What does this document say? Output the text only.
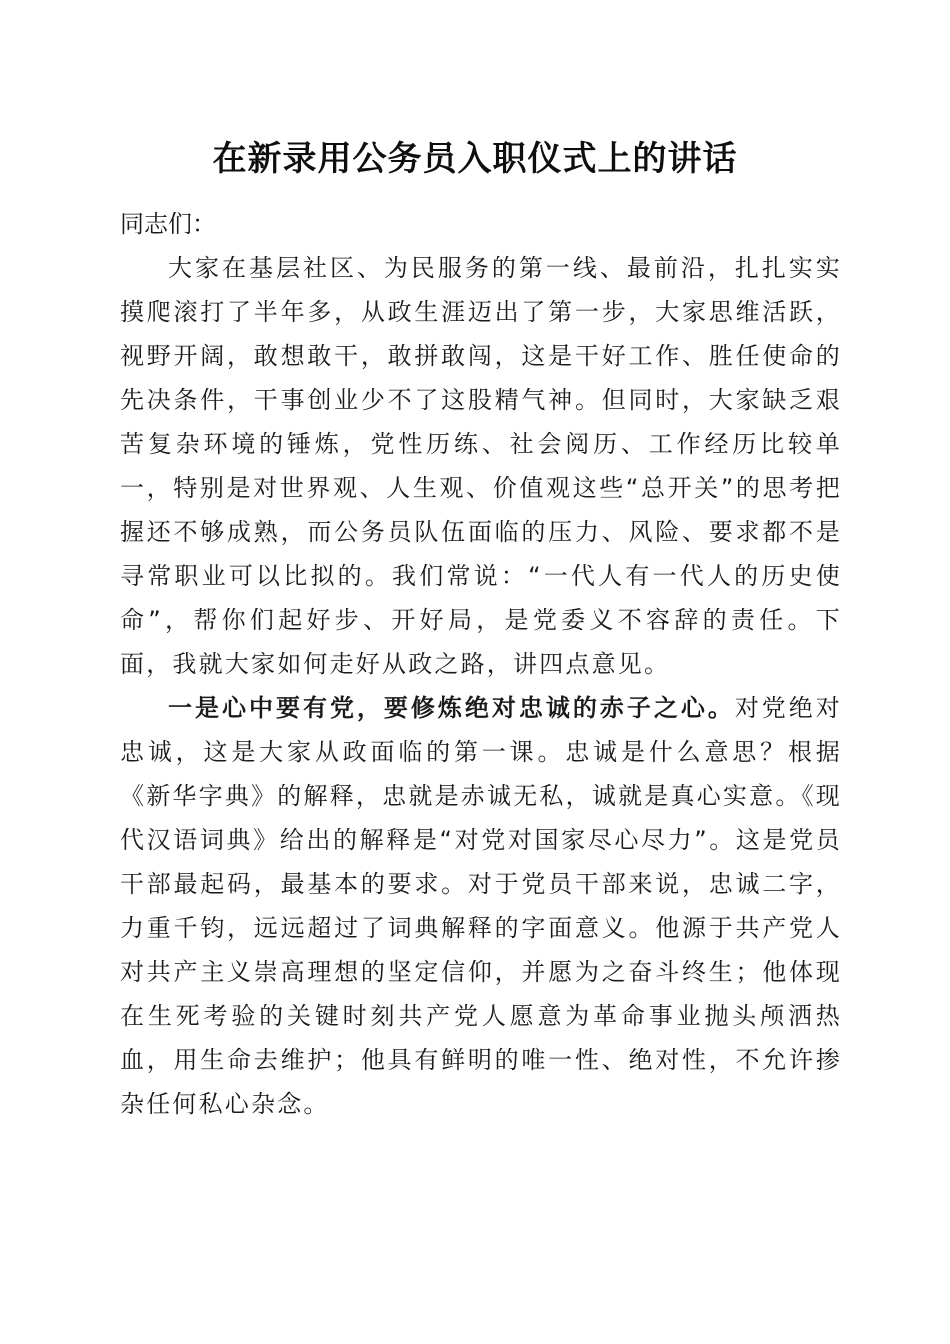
在新录用公务员入职仪式上的讲话

同志们：

大家在基层社区、为民服务的第一线、最前沿，扎扎实实摸爬滚打了半年多，从政生涯迈出了第一步，大家思维活跃，视野开阔，敢想敢干，敢拼敢闯，这是干好工作、胜任使命的先决条件，干事创业少不了这股精气神。但同时，大家缺乏艰苦复杂环境的锤炼，党性历练、社会阅历、工作经历比较单一，特别是对世界观、人生观、价值观这些“总开关”的思考把握还不够成熟，而公务员队伍面临的压力、风险、要求都不是寻常职业可以比拟的。我们常说：“一代人有一代人的历史使命”，帮你们起好步、开好局，是党委义不容辞的责任。下面，我就大家如何走好从政之路，讲四点意见。

一是心中要有党，要修炼绝对忠诚的赤子之心。对党绝对忠诚，这是大家从政面临的第一课。忠诚是什么意思？根据《新华字典》的解释，忠就是赤诚无私，诚就是真心实意。《现代汉语词典》给出的解释是“对党对国家尽心尽力”。这是党员干部最起码，最基本的要求。对于党员干部来说，忠诚二字，力重千钧，远远超过了词典解释的字面意义。他源于共产党人对共产主义崇高理想的坚定信仰，并愿为之奋斗终生；他体现在生死考验的关键时刻共产党人愿意为革命事业抛头颅洒热血，用生命去维护；他具有鲜明的唯一性、绝对性，不允许掺杂任何私心杂念。
